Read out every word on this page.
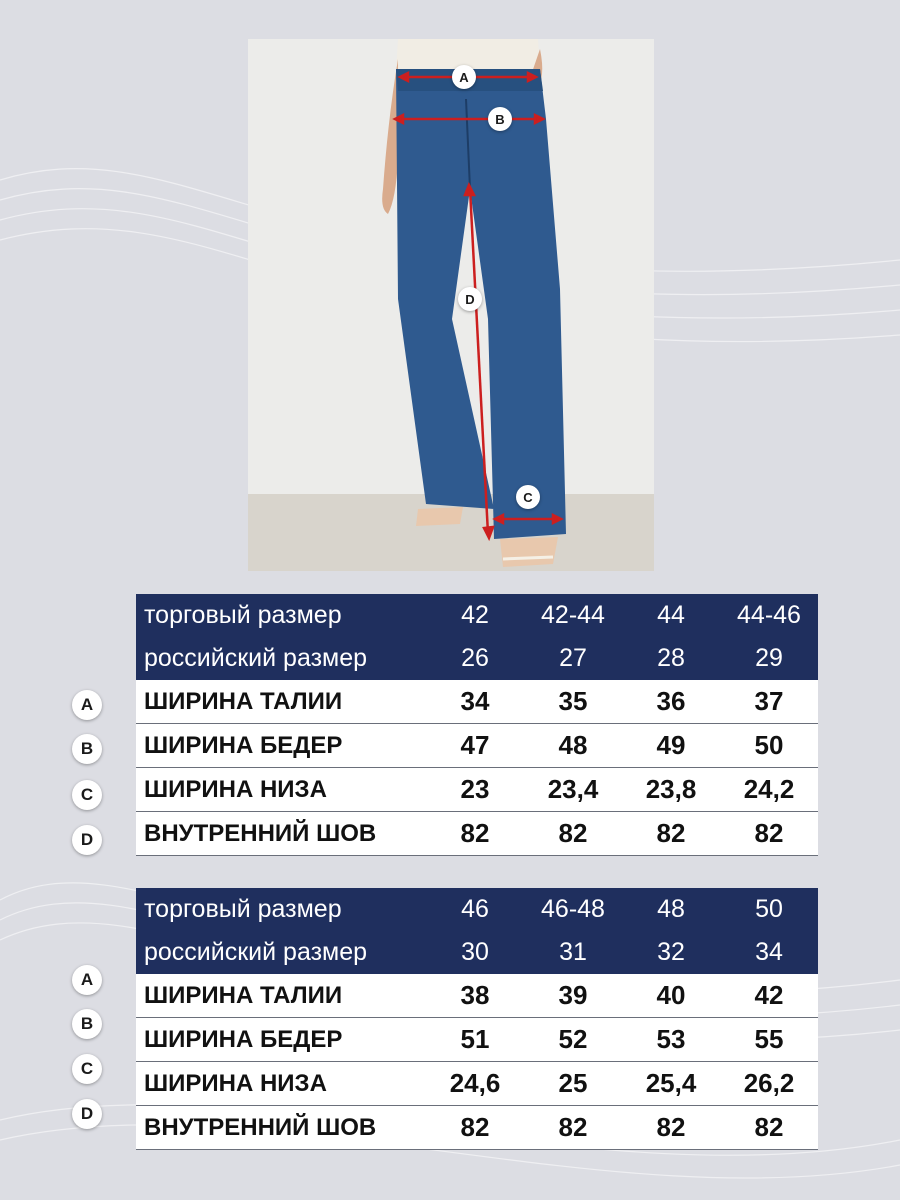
A
B
D
C
A
B
C
D
A
B
C
D
торговый размер	42	42-44	44	44-46
российский размер	26	27	28	29
ШИРИНА ТАЛИИ	34	35	36	37
ШИРИНА БЕДЕР	47	48	49	50
ШИРИНА НИЗА	23	23,4	23,8	24,2
ВНУТРЕННИЙ ШОВ	82	82	82	82
торговый размер	46	46-48	48	50
российский размер	30	31	32	34
ШИРИНА ТАЛИИ	38	39	40	42
ШИРИНА БЕДЕР	51	52	53	55
ШИРИНА НИЗА	24,6	25	25,4	26,2
ВНУТРЕННИЙ ШОВ	82	82	82	82
